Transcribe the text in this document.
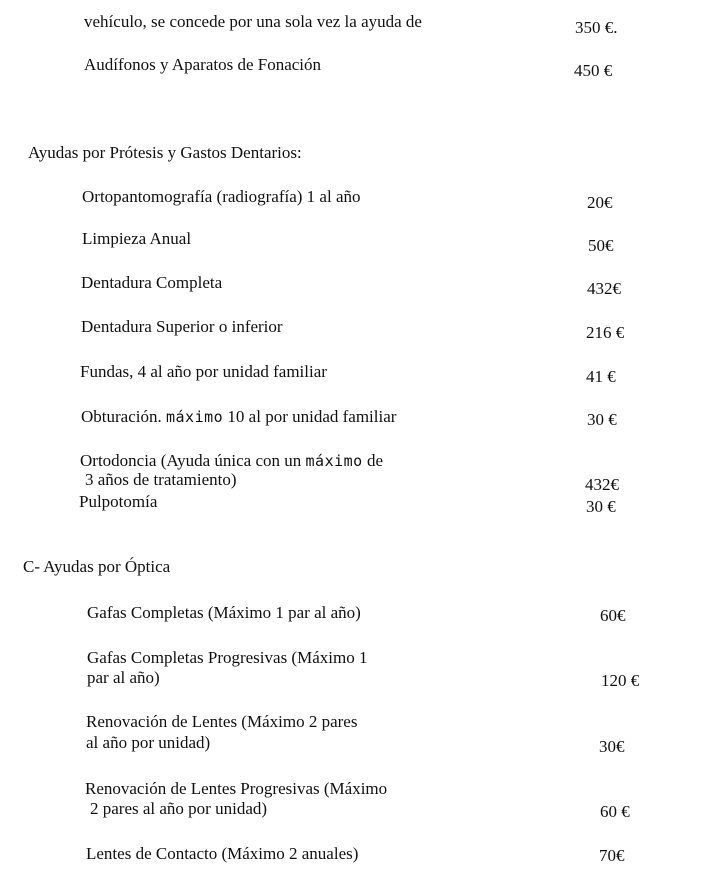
vehículo, se concede por una sola vez la ayuda de	350 €.
Audífonos y Aparatos de Fonación	450 €
Ayudas por Prótesis y Gastos Dentarios:
Ortopantomografía (radiografía) 1 al año	20€
Limpieza Anual	50€
Dentadura Completa	432€
Dentadura Superior o inferior	216 €
Fundas, 4 al año por unidad familiar	41 €
Obturación. máximo 10 al por unidad familiar	30 €
Ortodoncia (Ayuda única con un máximo de
3 años de tratamiento)	432€
Pulpotomía	30 €
C- Ayudas por Óptica
Gafas Completas (Máximo 1 par al año)	60€
Gafas Completas Progresivas (Máximo 1
par al año)	120 €
Renovación de Lentes (Máximo 2 pares
al año por unidad)	30€
Renovación de Lentes Progresivas (Máximo
2 pares al año por unidad)	60 €
Lentes de Contacto (Máximo 2 anuales)	70€
